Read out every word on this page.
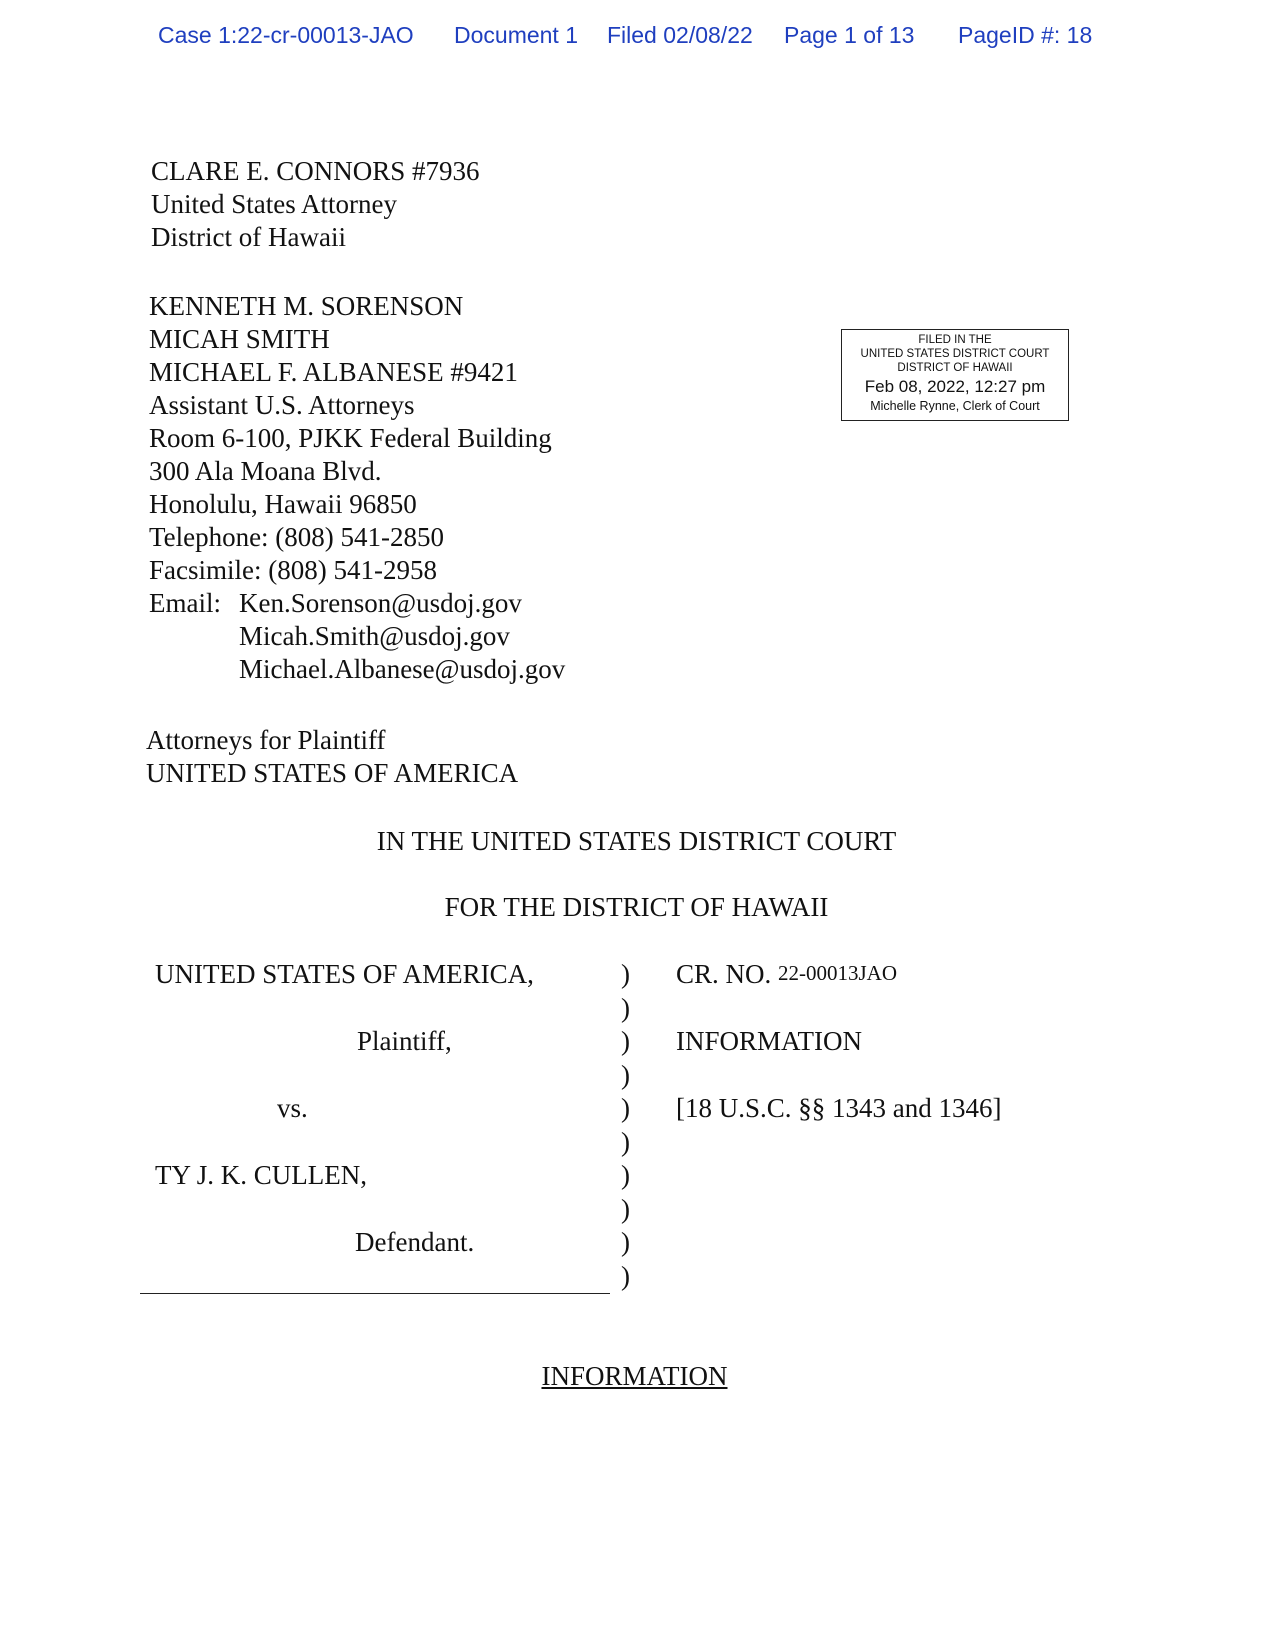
Case 1:22-cr-00013-JAO Document 1 Filed 02/08/22 Page 1 of 13 PageID #: 18
CLARE E. CONNORS #7936
United States Attorney
District of Hawaii
KENNETH M. SORENSON
MICAH SMITH
MICHAEL F. ALBANESE #9421
Assistant U.S. Attorneys
Room 6-100, PJKK Federal Building
300 Ala Moana Blvd.
Honolulu, Hawaii 96850
Telephone: (808) 541-2850
Facsimile: (808) 541-2958
Email: Ken.Sorenson@usdoj.gov
Micah.Smith@usdoj.gov
Michael.Albanese@usdoj.gov
FILED IN THE
UNITED STATES DISTRICT COURT
DISTRICT OF HAWAII
Feb 08, 2022, 12:27 pm
Michelle Rynne, Clerk of Court
Attorneys for Plaintiff
UNITED STATES OF AMERICA
IN THE UNITED STATES DISTRICT COURT
FOR THE DISTRICT OF HAWAII
UNITED STATES OF AMERICA,
Plaintiff,
vs.
TY J. K. CULLEN,
Defendant.
)
)
)
)
)
)
)
)
)
)
CR. NO. 22-00013JAO
INFORMATION
[18 U.S.C. §§ 1343 and 1346]
INFORMATION
